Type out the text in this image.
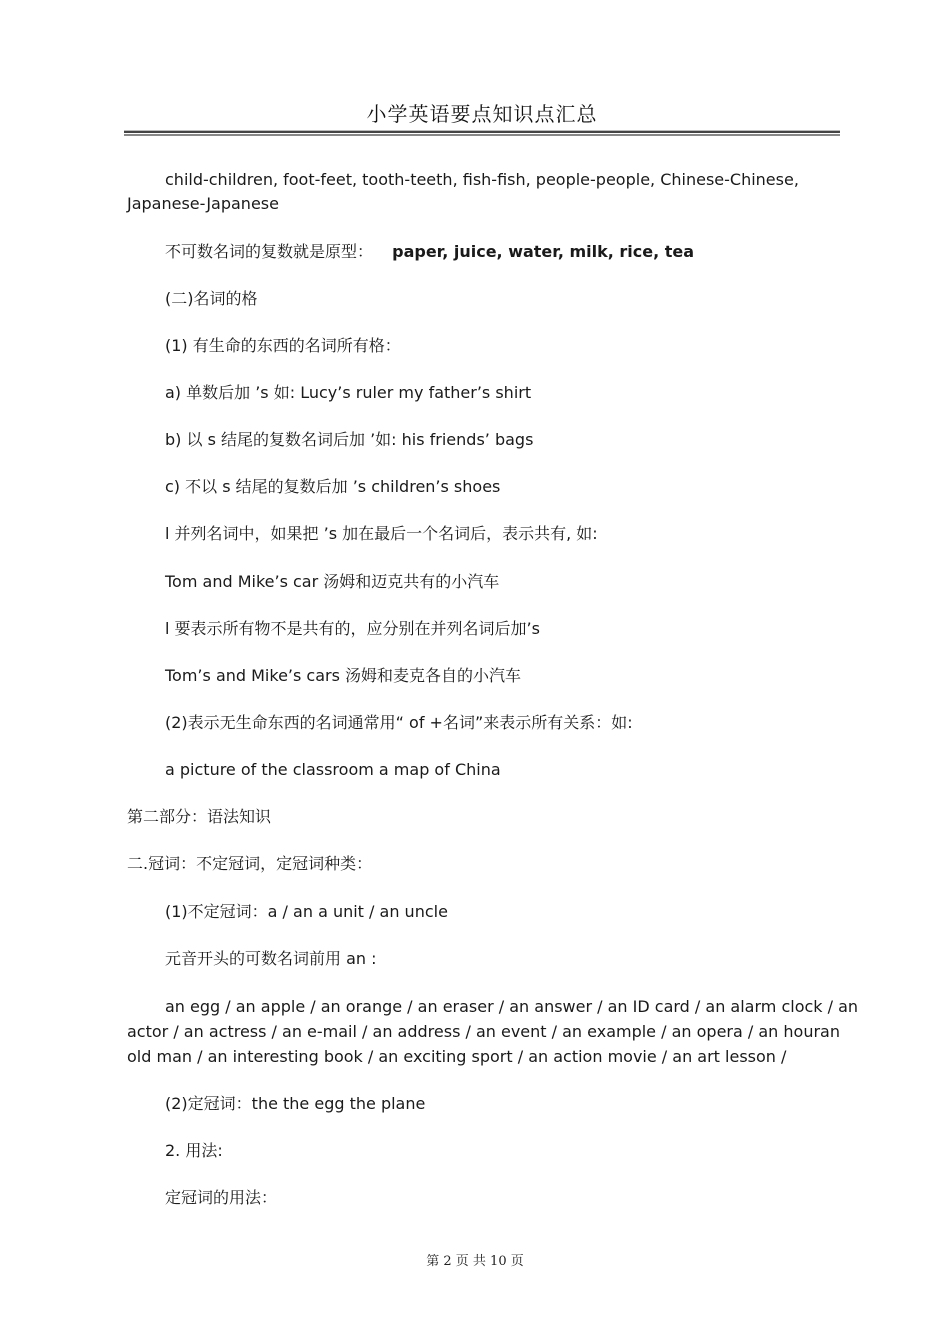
小学英语要点知识点汇总
child-children, foot-feet, tooth-teeth, fish-fish, people-people, Chinese-Chinese,
Japanese-Japanese
不可数名词的复数就是原型： paper, juice, water, milk, rice, tea
(二)名词的格
(1) 有生命的东西的名词所有格：
a) 单数后加 ’s 如: Lucy’s ruler my father’s shirt
b) 以 s 结尾的复数名词后加 ’如: his friends’ bags
c) 不以 s 结尾的复数后加 ’s children’s shoes
l 并列名词中，如果把 ’s 加在最后一个名词后，表示共有, 如:
Tom and Mike’s car 汤姆和迈克共有的小汽车
l 要表示所有物不是共有的，应分别在并列名词后加’s
Tom’s and Mike’s cars 汤姆和麦克各自的小汽车
(2)表示无生命东西的名词通常用“ of +名词”来表示所有关系：如:
a picture of the classroom a map of China
第二部分：语法知识
二.冠词：不定冠词，定冠词种类：
(1)不定冠词：a / an a unit / an uncle
元音开头的可数名词前用 an :
an egg / an apple / an orange / an eraser / an answer / an ID card / an alarm clock / an
actor / an actress / an e-mail / an address / an event / an example / an opera / an houran
old man / an interesting book / an exciting sport / an action movie / an art lesson /
(2)定冠词：the the egg the plane
2. 用法:
定冠词的用法：
第 2 页 共 10 页
